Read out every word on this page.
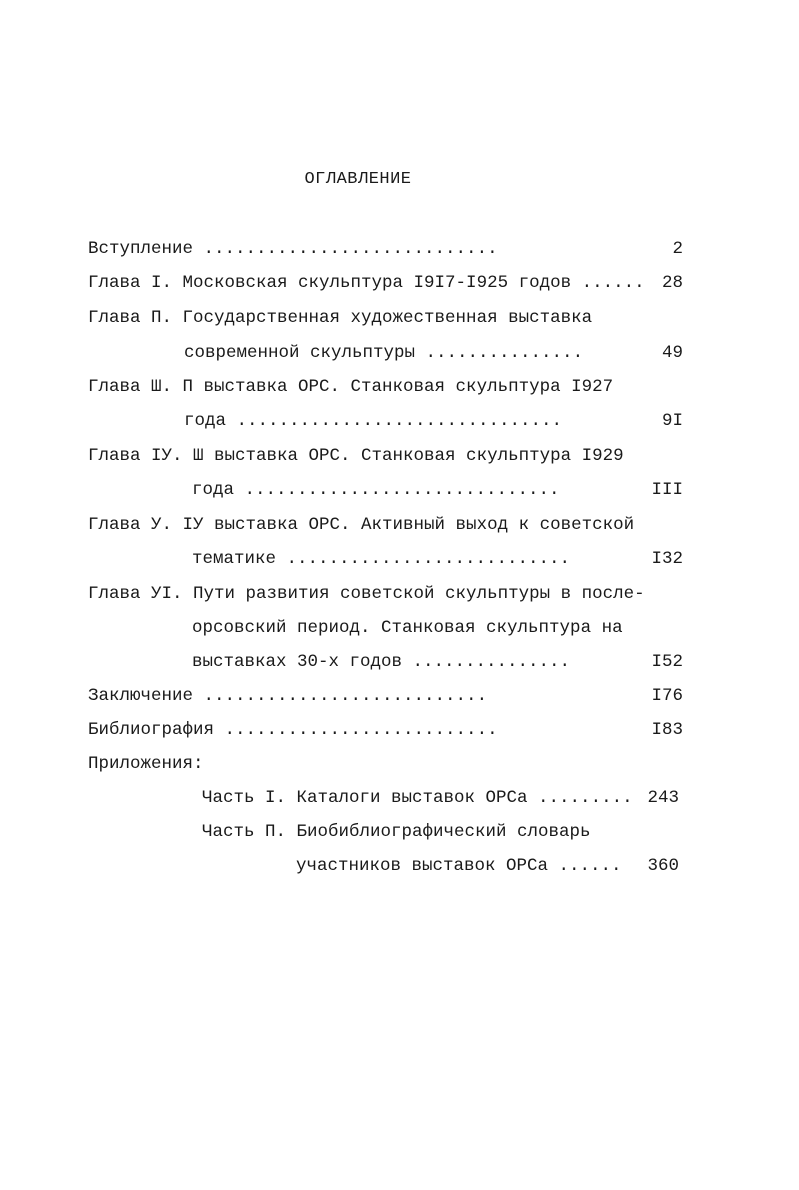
ОГЛАВЛЕНИЕ
Вступление ............................	2
Глава I. Московская скульптура I9I7-I925 годов ...... 28
Глава П. Государственная художественная выставка
современной скульптуры ...............	49
Глава Ш. П выставка ОРС. Станковая скульптура I927
года ...............................	9I
Глава IУ. Ш выставка ОРС. Станковая скульптура I929
года ..............................	III
Глава У. IУ выставка ОРС. Активный выход к советской
тематике ...........................	I32
Глава УI. Пути развития советской скульптуры в после-
орсовский период. Станковая скульптура на
выставках 30-х годов ...............	I52
Заключение ...........................	I76
Библиография ..........................	I83
Приложения:
Часть I. Каталоги выставок ОРСа ......... 243
Часть П. Биобиблиографический словарь
участников выставок ОРСа ...... 360
